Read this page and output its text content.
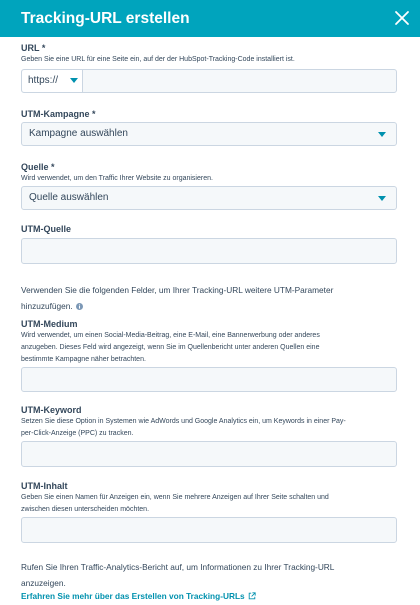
Tracking-URL erstellen
URL *
Geben Sie eine URL für eine Seite ein, auf der der HubSpot-Tracking-Code installiert ist.
https://
UTM-Kampagne *
Kampagne auswählen
Quelle *
Wird verwendet, um den Traffic Ihrer Website zu organisieren.
Quelle auswählen
UTM-Quelle
Verwenden Sie die folgenden Felder, um Ihrer Tracking-URL weitere UTM-Parameter
hinzuzufügen.
UTM-Medium
Wird verwendet, um einen Social-Media-Beitrag, eine E-Mail, eine Bannerwerbung oder anderes
anzugeben. Dieses Feld wird angezeigt, wenn Sie im Quellenbericht unter anderen Quellen eine
bestimmte Kampagne näher betrachten.
UTM-Keyword
Setzen Sie diese Option in Systemen wie AdWords und Google Analytics ein, um Keywords in einer Pay-
per-Click-Anzeige (PPC) zu tracken.
UTM-Inhalt
Geben Sie einen Namen für Anzeigen ein, wenn Sie mehrere Anzeigen auf Ihrer Seite schalten und
zwischen diesen unterscheiden möchten.
Rufen Sie Ihren Traffic-Analytics-Bericht auf, um Informationen zu Ihrer Tracking-URL
anzuzeigen.
Erfahren Sie mehr über das Erstellen von Tracking-URLs
